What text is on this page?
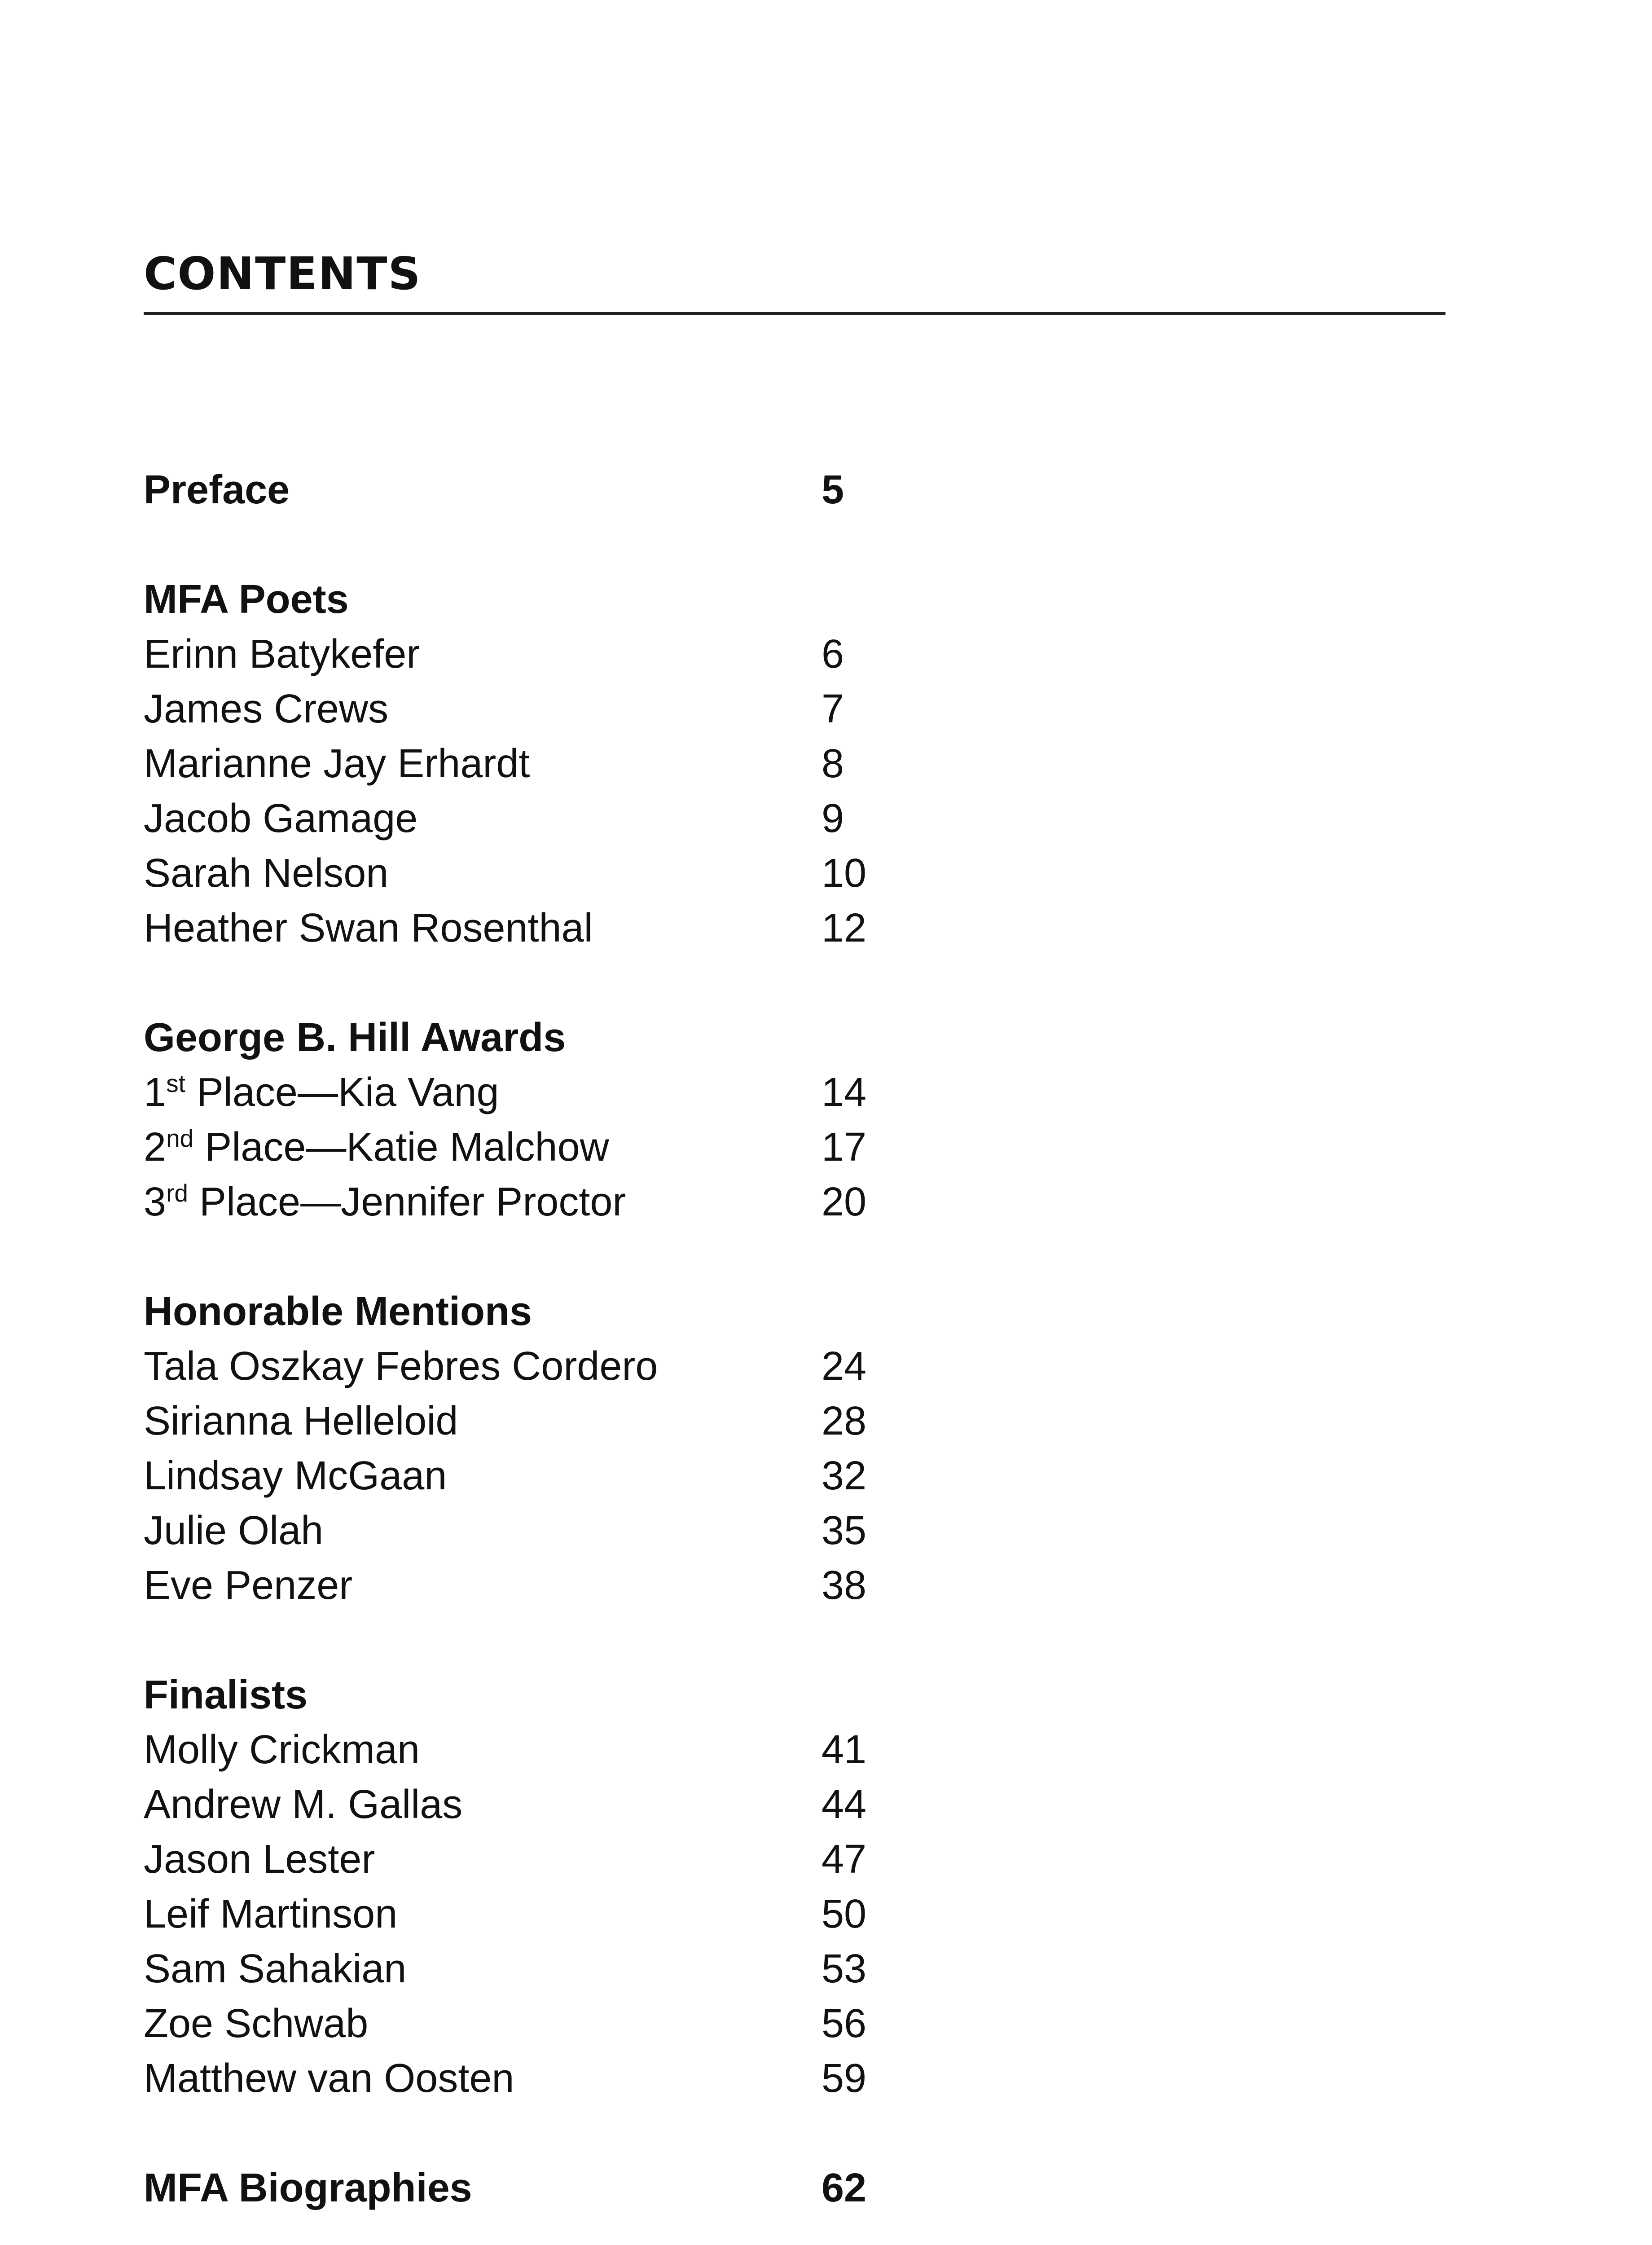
CONTENTS
Preface	5
MFA Poets
Erinn Batykefer	6
James Crews	7
Marianne Jay Erhardt	8
Jacob Gamage	9
Sarah Nelson	10
Heather Swan Rosenthal	12
George B. Hill Awards
1st Place—Kia Vang	14
2nd Place—Katie Malchow	17
3rd Place—Jennifer Proctor	20
Honorable Mentions
Tala Oszkay Febres Cordero	24
Sirianna Helleloid	28
Lindsay McGaan	32
Julie Olah	35
Eve Penzer	38
Finalists
Molly Crickman	41
Andrew M. Gallas	44
Jason Lester	47
Leif Martinson	50
Sam Sahakian	53
Zoe Schwab	56
Matthew van Oosten	59
MFA Biographies	62
